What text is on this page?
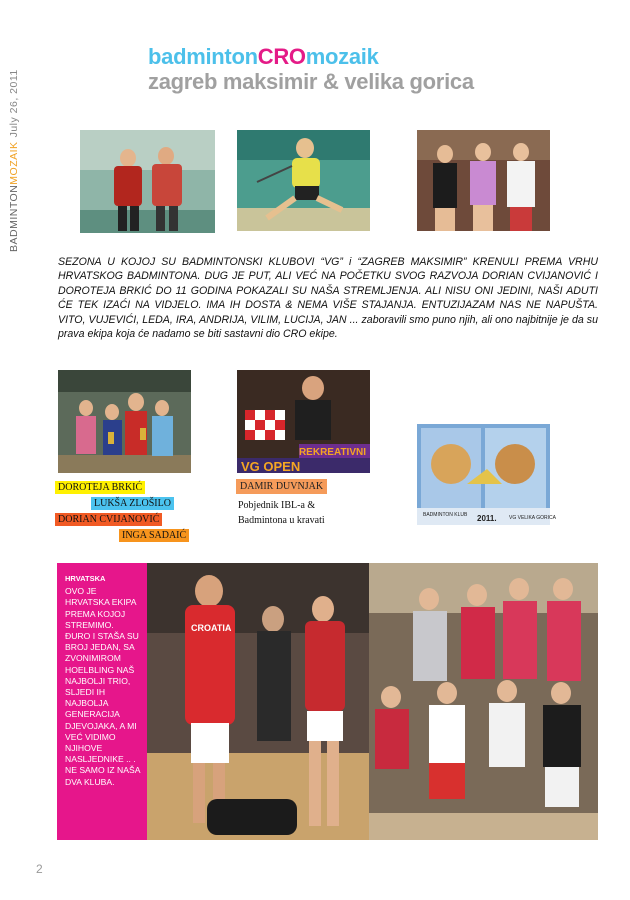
BADMINTONMOZAIKJuly 26, 2011
badmintonCROmozaik
zagreb maksimir & velika gorica
SEZONA U KOJOJ SU BADMINTONSKI KLUBOVI “VG” i “ZAGREB MAKSIMIR” KRENULI PREMA VRHU HRVATSKOG BADMINTONA. DUG JE PUT, ALI VEĆ NA POČETKU SVOG RAZVOJA DORIAN CVIJANOVIĆ I DOROTEJA BRKIĆ DO 11 GODINA POKAZALI SU NAŠA STREMLJENJA. ALI NISU ONI JEDINI, NAŠI ADUTI ĆE TEK IZAĆI NA VIDJELO. IMA IH DOSTA & NEMA VIŠE STAJANJA. ENTUZIJAZAM NAS NE NAPUŠTA. VITO, VUJEVIĆI, LEDA, IRA, ANDRIJA, VILIM, LUCIJA, JAN ... zaboravili smo puno njih, ali ono najbitnije je da su prava ekipa koja će nadamo se biti sastavni dio CRO ekipe.
DOROTEJA BRKIĆ
LUKŠA ZLOŠILO
DORIAN CVIJANOVIĆ
INGA SADAIĆ
REKREATIVNI
VG OPEN
DAMIR DUVNJAK
Pobjednik IBL-a &
Badmintona u kravati	BADMINTON KLUB 2011. VG VELIKA GORICA

HRVATSKA
OVO JE HRVATSKA EKIPA PREMA KOJOJ STREMIMO. ĐURO I STAŠA SU BROJ JEDAN, SA ZVONIMIROM HOELBLING NAŠ NAJBOLJI TRIO, SLJEDI IH NAJBOLJA GENERACIJA DJEVOJAKA, A MI VEĆ VIDIMO NJIHOVE NASLJEDNIKE .. . NE SAMO IZ NAŠA DVA KLUBA.

CROATIA
2
